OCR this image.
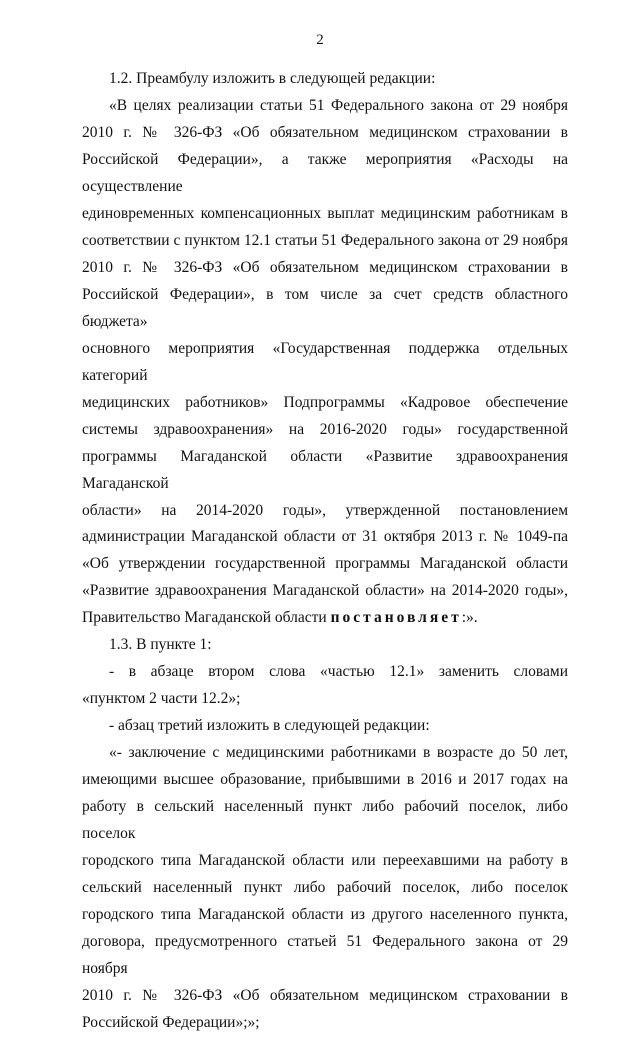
2

1.2. Преамбулу изложить в следующей редакции:

«В целях реализации статьи 51 Федерального закона от 29 ноября
2010 г. № 326-ФЗ «Об обязательном медицинском страховании в
Российской Федерации», а также мероприятия «Расходы на осуществление
единовременных компенсационных выплат медицинским работникам в
соответствии с пунктом 12.1 статьи 51 Федерального закона от 29 ноября
2010 г. № 326-ФЗ «Об обязательном медицинском страховании в
Российской Федерации», в том числе за счет средств областного бюджета»
основного мероприятия «Государственная поддержка отдельных категорий
медицинских работников» Подпрограммы «Кадровое обеспечение
системы здравоохранения» на 2016-2020 годы» государственной
программы Магаданской области «Развитие здравоохранения Магаданской
области» на 2014-2020 годы», утвержденной постановлением
администрации Магаданской области от 31 октября 2013 г. № 1049-па
«Об утверждении государственной программы Магаданской области
«Развитие здравоохранения Магаданской области» на 2014-2020 годы»,
Правительство Магаданской области постановляет:».

1.3. В пункте 1:

- в абзаце втором слова «частью 12.1» заменить словами
«пунктом 2 части 12.2»;

- абзац третий изложить в следующей редакции:

«- заключение с медицинскими работниками в возрасте до 50 лет,
имеющими высшее образование, прибывшими в 2016 и 2017 годах на
работу в сельский населенный пункт либо рабочий поселок, либо поселок
городского типа Магаданской области или переехавшими на работу в
сельский населенный пункт либо рабочий поселок, либо поселок
городского типа Магаданской области из другого населенного пункта,
договора, предусмотренного статьей 51 Федерального закона от 29 ноября
2010 г. № 326-ФЗ «Об обязательном медицинском страховании в
Российской Федерации»;»;
